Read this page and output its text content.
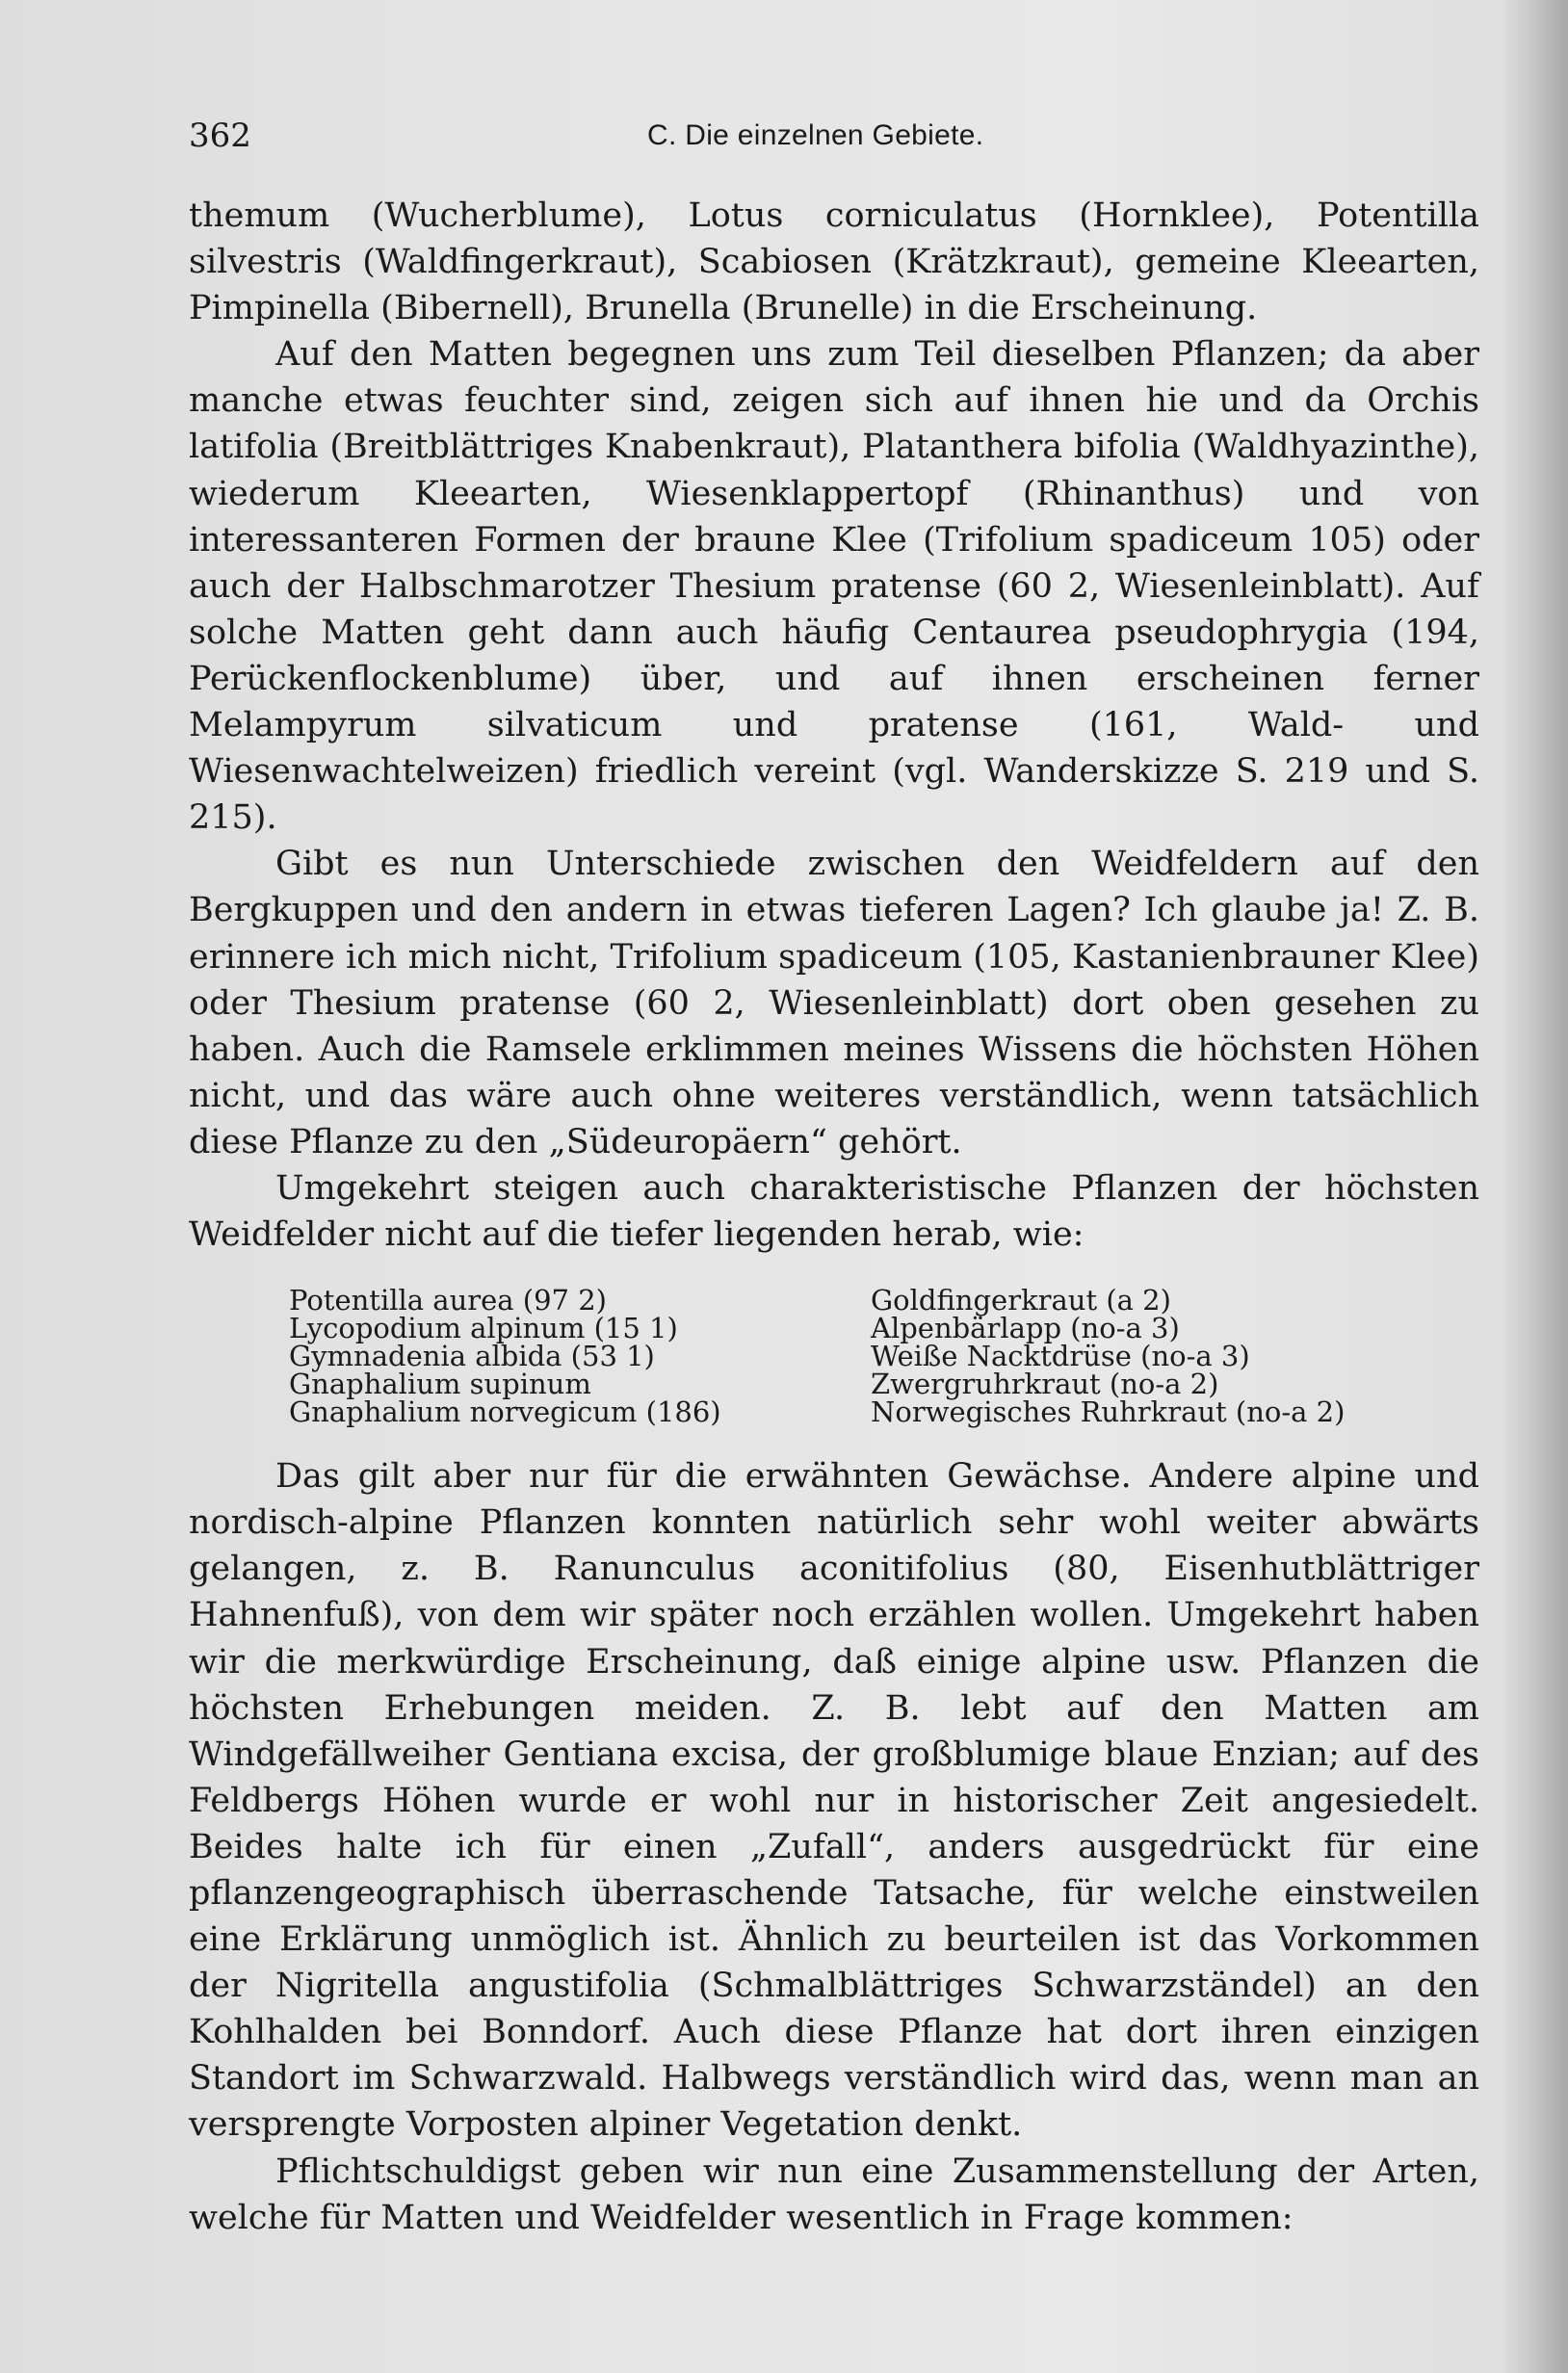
362	C. Die einzelnen Gebiete.

themum (Wucherblume), Lotus corniculatus (Hornklee), Potentilla silvestris (Waldfingerkraut), Scabiosen (Krätzkraut), gemeine Kleearten, Pimpinella (Bibernell), Brunella (Brunelle) in die Erscheinung.

Auf den Matten begegnen uns zum Teil dieselben Pflanzen; da aber manche etwas feuchter sind, zeigen sich auf ihnen hie und da Orchis latifolia (Breitblättriges Knabenkraut), Platanthera bifolia (Waldhyazinthe), wiederum Kleearten, Wiesenklappertopf (Rhinanthus) und von interessanteren Formen der braune Klee (Trifolium spadiceum 105) oder auch der Halbschmarotzer Thesium pratense (60 2, Wiesenleinblatt). Auf solche Matten geht dann auch häufig Centaurea pseudophrygia (194, Perückenflockenblume) über, und auf ihnen erscheinen ferner Melampyrum silvaticum und pratense (161, Wald- und Wiesenwachtelweizen) friedlich vereint (vgl. Wanderskizze S. 219 und S. 215).

Gibt es nun Unterschiede zwischen den Weidfeldern auf den Bergkuppen und den andern in etwas tieferen Lagen? Ich glaube ja! Z. B. erinnere ich mich nicht, Trifolium spadiceum (105, Kastanienbrauner Klee) oder Thesium pratense (60 2, Wiesenleinblatt) dort oben gesehen zu haben. Auch die Ramsele erklimmen meines Wissens die höchsten Höhen nicht, und das wäre auch ohne weiteres verständlich, wenn tatsächlich diese Pflanze zu den „Südeuropäern“ gehört.

Umgekehrt steigen auch charakteristische Pflanzen der höchsten Weidfelder nicht auf die tiefer liegenden herab, wie:

Potentilla aurea (97 2)	Goldfingerkraut (a 2)
Lycopodium alpinum (15 1)	Alpenbärlapp (no-a 3)
Gymnadenia albida (53 1)	Weiße Nacktdrüse (no-a 3)
Gnaphalium supinum	Zwergruhrkraut (no-a 2)
Gnaphalium norvegicum (186)	Norwegisches Ruhrkraut (no-a 2)

Das gilt aber nur für die erwähnten Gewächse. Andere alpine und nordisch-alpine Pflanzen konnten natürlich sehr wohl weiter abwärts gelangen, z. B. Ranunculus aconitifolius (80, Eisenhutblättriger Hahnenfuß), von dem wir später noch erzählen wollen. Umgekehrt haben wir die merkwürdige Erscheinung, daß einige alpine usw. Pflanzen die höchsten Erhebungen meiden. Z. B. lebt auf den Matten am Windgefällweiher Gentiana excisa, der großblumige blaue Enzian; auf des Feldbergs Höhen wurde er wohl nur in historischer Zeit angesiedelt. Beides halte ich für einen „Zufall“, anders ausgedrückt für eine pflanzengeographisch überraschende Tatsache, für welche einstweilen eine Erklärung unmöglich ist. Ähnlich zu beurteilen ist das Vorkommen der Nigritella angustifolia (Schmalblättriges Schwarzständel) an den Kohlhalden bei Bonndorf. Auch diese Pflanze hat dort ihren einzigen Standort im Schwarzwald. Halbwegs verständlich wird das, wenn man an versprengte Vorposten alpiner Vegetation denkt.

Pflichtschuldigst geben wir nun eine Zusammenstellung der Arten, welche für Matten und Weidfelder wesentlich in Frage kommen:
